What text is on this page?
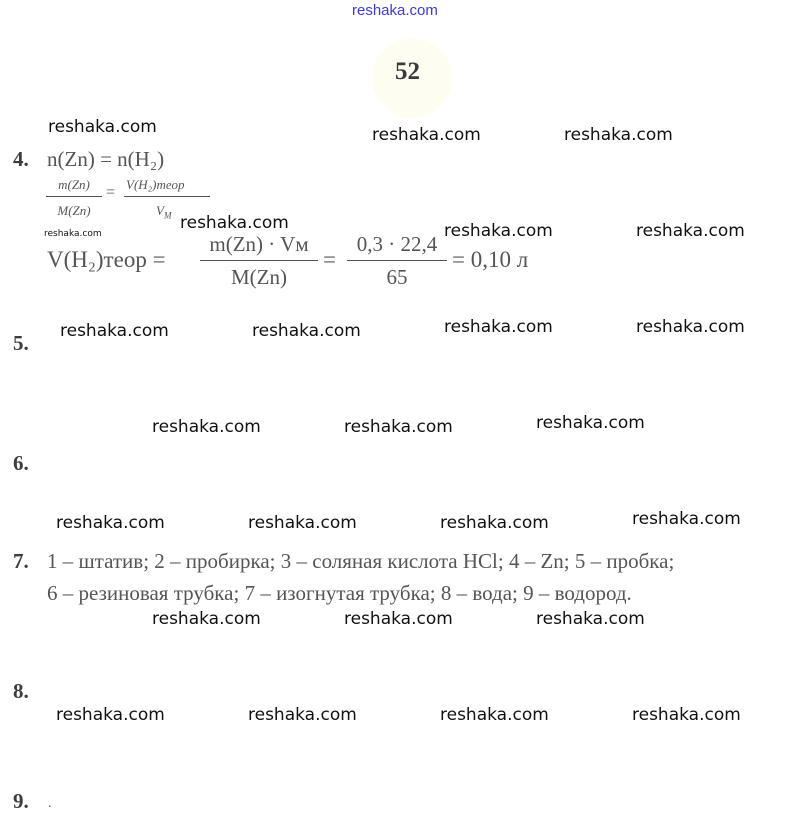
reshaka.com
52
reshaka.com	reshaka.com	reshaka.com
reshaka.com	reshaka.com	reshaka.com
reshaka.com
reshaka.com	reshaka.com	reshaka.com	reshaka.com
reshaka.com	reshaka.com	reshaka.com
reshaka.com	reshaka.com	reshaka.com	reshaka.com
reshaka.com	reshaka.com	reshaka.com
reshaka.com	reshaka.com	reshaka.com	reshaka.com
4. n(Zn) = n(H₂)
m(Zn)
M(Zn)
= V(H₂)теор
$V_M$
V(H₂)теор =
m(Zn) · Vм
M(Zn)
=
0,3 · 22,4
65
= 0,10 л
5.
6.
7. 1 – штатив; 2 – пробирка; 3 – соляная кислота HCl; 4 – Zn; 5 – пробка;
6 – резиновая трубка; 7 – изогнутая трубка; 8 – вода; 9 – водород.
8.
9. .
